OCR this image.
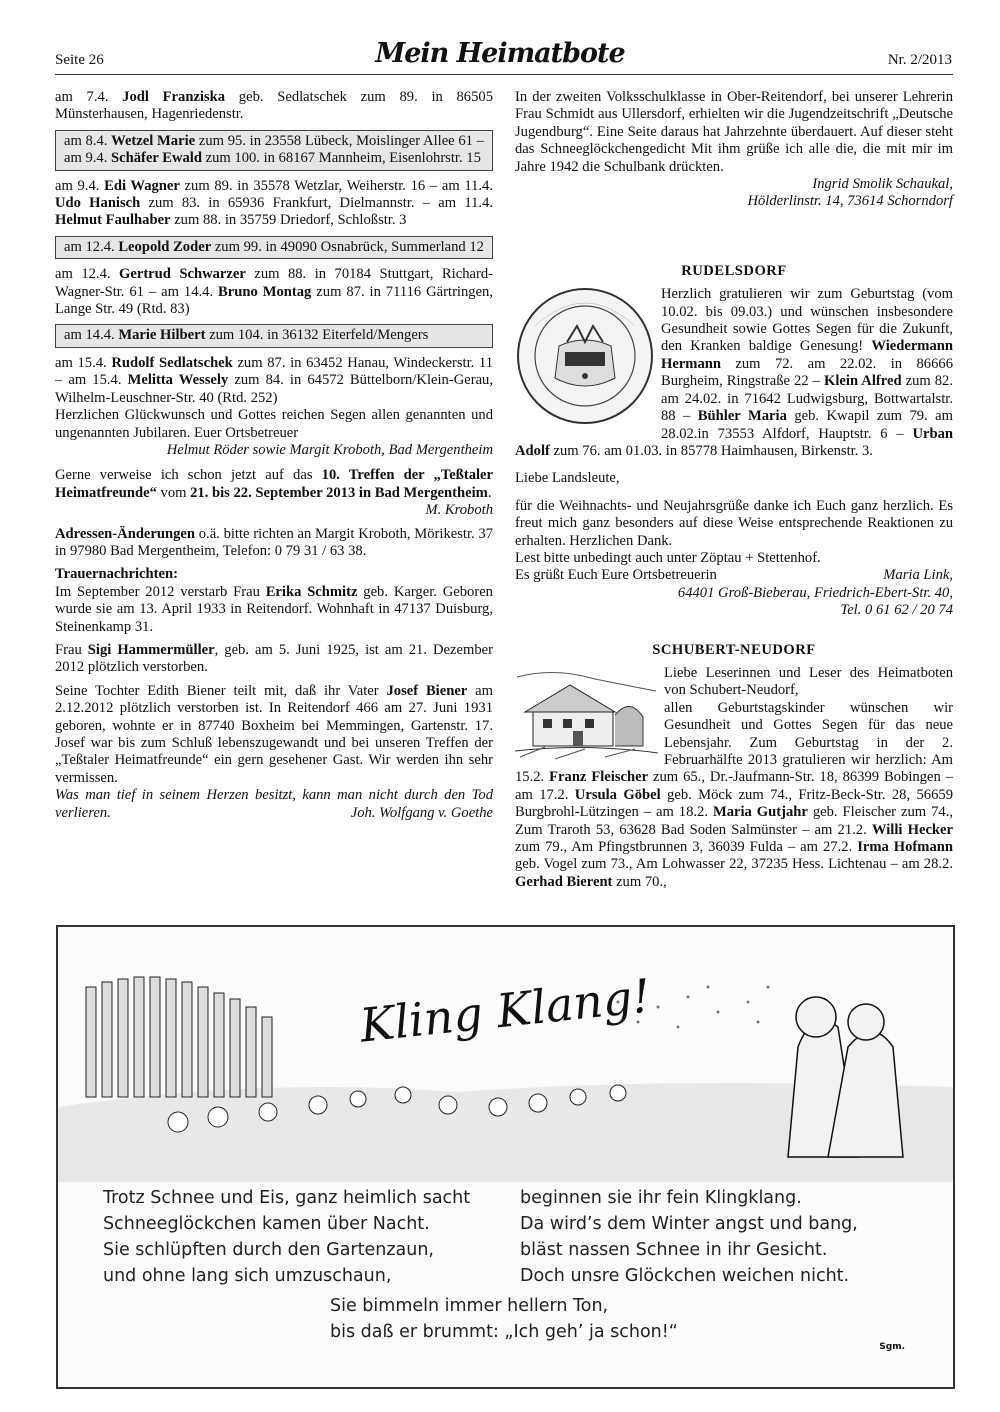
Seite 26	Mein Heimatbote	Nr. 2/2013

am 7.4. Jodl Franziska geb. Sedlatschek zum 89. in 86505 Münsterhausen, Hagenriedenstr.

am 8.4. Wetzel Marie zum 95. in 23558 Lübeck, Moislinger Allee 61 – am 9.4. Schäfer Ewald zum 100. in 68167 Mannheim, Eisenlohrstr. 15

am 9.4. Edi Wagner zum 89. in 35578 Wetzlar, Weiherstr. 16 – am 11.4. Udo Hanisch zum 83. in 65936 Frankfurt, Dielmannstr. – am 11.4. Helmut Faulhaber zum 88. in 35759 Driedorf, Schloßstr. 3

am 12.4. Leopold Zoder zum 99. in 49090 Osnabrück, Summerland 12

am 12.4. Gertrud Schwarzer zum 88. in 70184 Stuttgart, Richard-Wagner-Str. 61 – am 14.4. Bruno Montag zum 87. in 71116 Gärtringen, Lange Str. 49 (Rtd. 83)

am 14.4. Marie Hilbert zum 104. in 36132 Eiterfeld/Mengers

am 15.4. Rudolf Sedlatschek zum 87. in 63452 Hanau, Windeckerstr. 11 – am 15.4. Melitta Wessely zum 84. in 64572 Büttelborn/Klein-Gerau, Wilhelm-Leuschner-Str. 40 (Rtd. 252)

Herzlichen Glückwunsch und Gottes reichen Segen allen genannten und ungenannten Jubilaren. Euer Ortsbetreuer

Helmut Röder sowie Margit Kroboth, Bad Mergentheim

Gerne verweise ich schon jetzt auf das 10. Treffen der „Teßtaler Heimatfreunde“ vom 21. bis 22. September 2013 in Bad Mergentheim.
M. Kroboth

Adressen-Änderungen o.ä. bitte richten an Margit Kroboth, Mörikestr. 37 in 97980 Bad Mergentheim, Telefon: 0 79 31 / 63 38.

Trauernachrichten:

Im September 2012 verstarb Frau Erika Schmitz geb. Karger. Geboren wurde sie am 13. April 1933 in Reitendorf. Wohnhaft in 47137 Duisburg, Steinenkamp 31.

Frau Sigi Hammermüller, geb. am 5. Juni 1925, ist am 21. Dezember 2012 plötzlich verstorben.

Seine Tochter Edith Biener teilt mit, daß ihr Vater Josef Biener am 2.12.2012 plötzlich verstorben ist. In Reitendorf 466 am 27. Juni 1931 geboren, wohnte er in 87740 Boxheim bei Memmingen, Gartenstr. 17. Josef war bis zum Schluß lebenszugewandt und bei unseren Treffen der „Teßtaler Heimatfreunde“ ein gern gesehener Gast. Wir werden ihn sehr vermissen.

Was man tief in seinem Herzen besitzt, kann man nicht durch den Tod verlieren.	Joh. Wolfgang v. Goethe

In der zweiten Volksschulklasse in Ober-Reitendorf, bei unserer Lehrerin Frau Schmidt aus Ullersdorf, erhielten wir die Jugendzeitschrift „Deutsche Jugendburg“. Eine Seite daraus hat Jahrzehnte überdauert. Auf dieser steht das Schneeglöckchengedicht Mit ihm grüße ich alle die, die mit mir im Jahre 1942 die Schulbank drückten.

Ingrid Smolik Schaukal,

Hölderlinstr. 14, 73614 Schorndorf

RUDELSDORF

Herzlich gratulieren wir zum Geburtstag (vom 10.02. bis 09.03.) und wünschen insbesondere Gesundheit sowie Gottes Segen für die Zukunft, den Kranken baldige Genesung! Wiedermann Hermann zum 72. am 22.02. in 86666 Burgheim, Ringstraße 22 – Klein Alfred zum 82. am 24.02. in 71642 Ludwigsburg, Bottwartalstr. 88 – Bühler Maria geb. Kwapil zum 79. am 28.02.in 73553 Alfdorf, Hauptstr. 6 – Urban Adolf zum 76. am 01.03. in 85778 Haimhausen, Birkenstr. 3.

Liebe Landsleute,

für die Weihnachts- und Neujahrsgrüße danke ich Euch ganz herzlich. Es freut mich ganz besonders auf diese Weise entsprechende Reaktionen zu erhalten. Herzlichen Dank.

Lest bitte unbedingt auch unter Zöptau + Stettenhof.

Es grüßt Euch Eure Ortsbetreuerin	Maria Link,

64401 Groß-Bieberau, Friedrich-Ebert-Str. 40,

Tel. 0 61 62 / 20 74

SCHUBERT-NEUDORF

Liebe Leserinnen und Leser des Heimatboten von Schubert-Neudorf,

allen Geburtstagskinder wünschen wir Gesundheit und Gottes Segen für das neue Lebensjahr. Zum Geburtstag in der 2. Februarhälfte 2013 gratulieren wir herzlich: Am 15.2. Franz Fleischer zum 65., Dr.-Jaufmann-Str. 18, 86399 Bobingen – am 17.2. Ursula Göbel geb. Möck zum 74., Fritz-Beck-Str. 28, 56659 Burgbrohl-Lützingen – am 18.2. Maria Gutjahr geb. Fleischer zum 74., Zum Traroth 53, 63628 Bad Soden Salmünster – am 21.2. Willi Hecker zum 79., Am Pfingstbrunnen 3, 36039 Fulda – am 27.2. Irma Hofmann geb. Vogel zum 73., Am Lohwasser 22, 37235 Hess. Lichtenau – am 28.2. Gerhad Bierent zum 70.,

Kling Klang!
Trotz Schnee und Eis, ganz heimlich sacht
Schneeglöckchen kamen über Nacht.
Sie schlüpften durch den Gartenzaun,
und ohne lang sich umzuschaun,
beginnen sie ihr fein Klingklang.
Da wird’s dem Winter angst und bang,
bläst nassen Schnee in ihr Gesicht.
Doch unsre Glöckchen weichen nicht.
Sie bimmeln immer hellern Ton,
bis daß er brummt: „Ich geh’ ja schon!“
Sgm.
